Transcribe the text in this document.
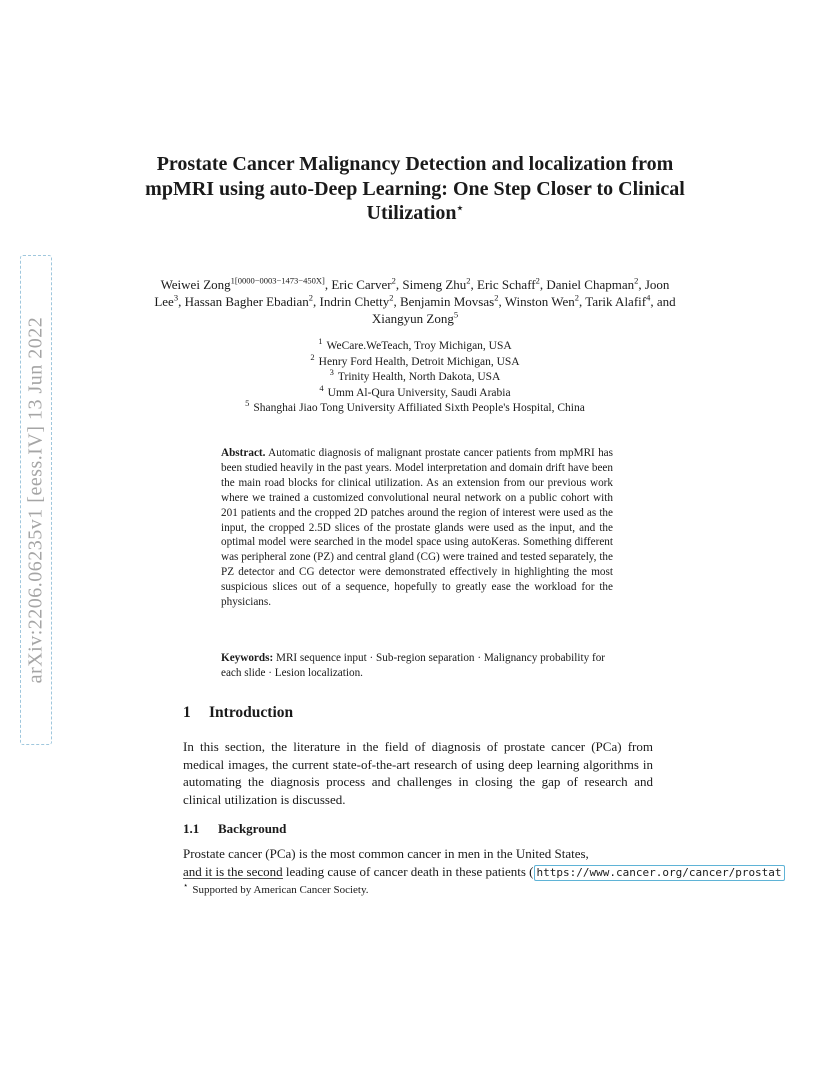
arXiv:2206.06235v1 [eess.IV] 13 Jun 2022
Prostate Cancer Malignancy Detection and localization from mpMRI using auto-Deep Learning: One Step Closer to Clinical Utilization⋆
Weiwei Zong$^{1[0000-0003-1473-450X]}$, Eric Carver$^2$, Simeng Zhu$^2$, Eric Schaff$^2$, Daniel Chapman$^2$, Joon Lee$^3$, Hassan Bagher Ebadian$^2$, Indrin Chetty$^2$, Benjamin Movsas$^2$, Winston Wen$^2$, Tarik Alafif$^4$, and Xiangyun Zong$^5$
$^1$ WeCare.WeTeach, Troy Michigan, USA
$^2$ Henry Ford Health, Detroit Michigan, USA
$^3$ Trinity Health, North Dakota, USA
$^4$ Umm Al-Qura University, Saudi Arabia
$^5$ Shanghai Jiao Tong University Affiliated Sixth People's Hospital, China
Abstract. Automatic diagnosis of malignant prostate cancer patients from mpMRI has been studied heavily in the past years. Model interpretation and domain drift have been the main road blocks for clinical utilization. As an extension from our previous work where we trained a customized convolutional neural network on a public cohort with 201 patients and the cropped 2D patches around the region of interest were used as the input, the cropped 2.5D slices of the prostate glands were used as the input, and the optimal model were searched in the model space using autoKeras. Something different was peripheral zone (PZ) and central gland (CG) were trained and tested separately, the PZ detector and CG detector were demonstrated effectively in highlighting the most suspicious slices out of a sequence, hopefully to greatly ease the workload for the physicians.
Keywords: MRI sequence input · Sub-region separation · Malignancy probability for each slide · Lesion localization.
1 Introduction
In this section, the literature in the field of diagnosis of prostate cancer (PCa) from medical images, the current state-of-the-art research of using deep learning algorithms in automating the diagnosis process and challenges in closing the gap of research and clinical utilization is discussed.
1.1 Background
Prostate cancer (PCa) is the most common cancer in men in the United States,
and it is the second leading cause of cancer death in these patients ( https://www.cancer.org/cancer/prostat
⋆ Supported by American Cancer Society.
